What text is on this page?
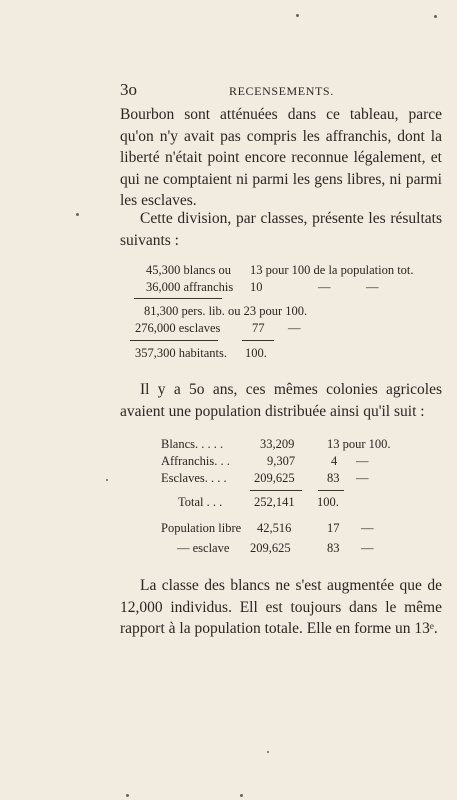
3o	RECENSEMENTS.

Bourbon sont atténuées dans ce tableau, parce qu'on n'y avait pas compris les affranchis, dont la liberté n'était point encore reconnue légalement, et qui ne comptaient ni parmi les gens libres, ni parmi les esclaves.

Cette division, par classes, présente les résultats suivants :

45,300 blancs ou 13 pour 100 de la population tot.
36,000 affranchis 10	—	—
81,300 pers. lib. ou 23 pour 100.
276,000 esclaves	77 —
357,300 habitants. 100.

Il y a 5o ans, ces mêmes colonies agricoles avaient une population distribuée ainsi qu'il suit :

Blancs. . . . .	33,209	13 pour 100.
Affranchis. . .	9,307	4 —
Esclaves. . . . 209,625	83 —
Total . . .	252,141 100.
Population libre 42,516	17 —
— esclave 209,625	83 —

La classe des blancs ne s'est augmentée que de 12,000 individus. Ell est toujours dans le même rapport à la population totale. Elle en forme un 13ᵉ.
